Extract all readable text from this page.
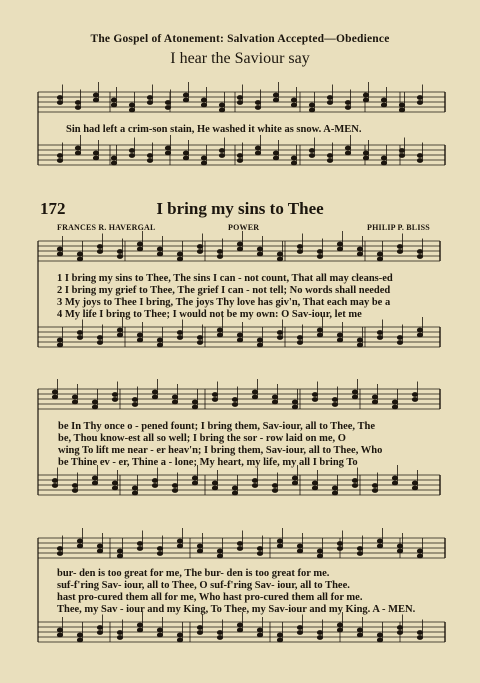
The Gospel of Atonement: Salvation Accepted—Obedience
I hear the Saviour say
Sin had left a crim-son stain, He washed it white as snow. A-MEN.
172	I bring my sins to Thee
FRANCES R. HAVERGAL	POWER	PHILIP P. BLISS
1 I bring my sins to Thee, The sins I can - not count, That all may cleans-ed
2 I bring my grief to Thee, The grief I can - not tell; No words shall needed
3 My joys to Thee I bring, The joys Thy love has giv'n, That each may be a
4 My life I bring to Thee; I would not be my own: O Sav-iour, let me
be In Thy once o - pened fount; I bring them, Sav-iour, all to Thee, The
be, Thou know-est all so well; I bring the sor - row laid on me, O
wing To lift me near - er heav'n; I bring them, Sav-iour, all to Thee, Who
be Thine ev - er, Thine a - lone; My heart, my life, my all I bring To
bur- den is too great for me, The bur- den is too great for me.
suf-f'ring Sav- iour, all to Thee, O suf-f'ring Sav- iour, all to Thee.
hast pro-cured them all for me, Who hast pro-cured them all for me.
Thee, my Sav - iour and my King, To Thee, my Sav-iour and my King. A - MEN.
